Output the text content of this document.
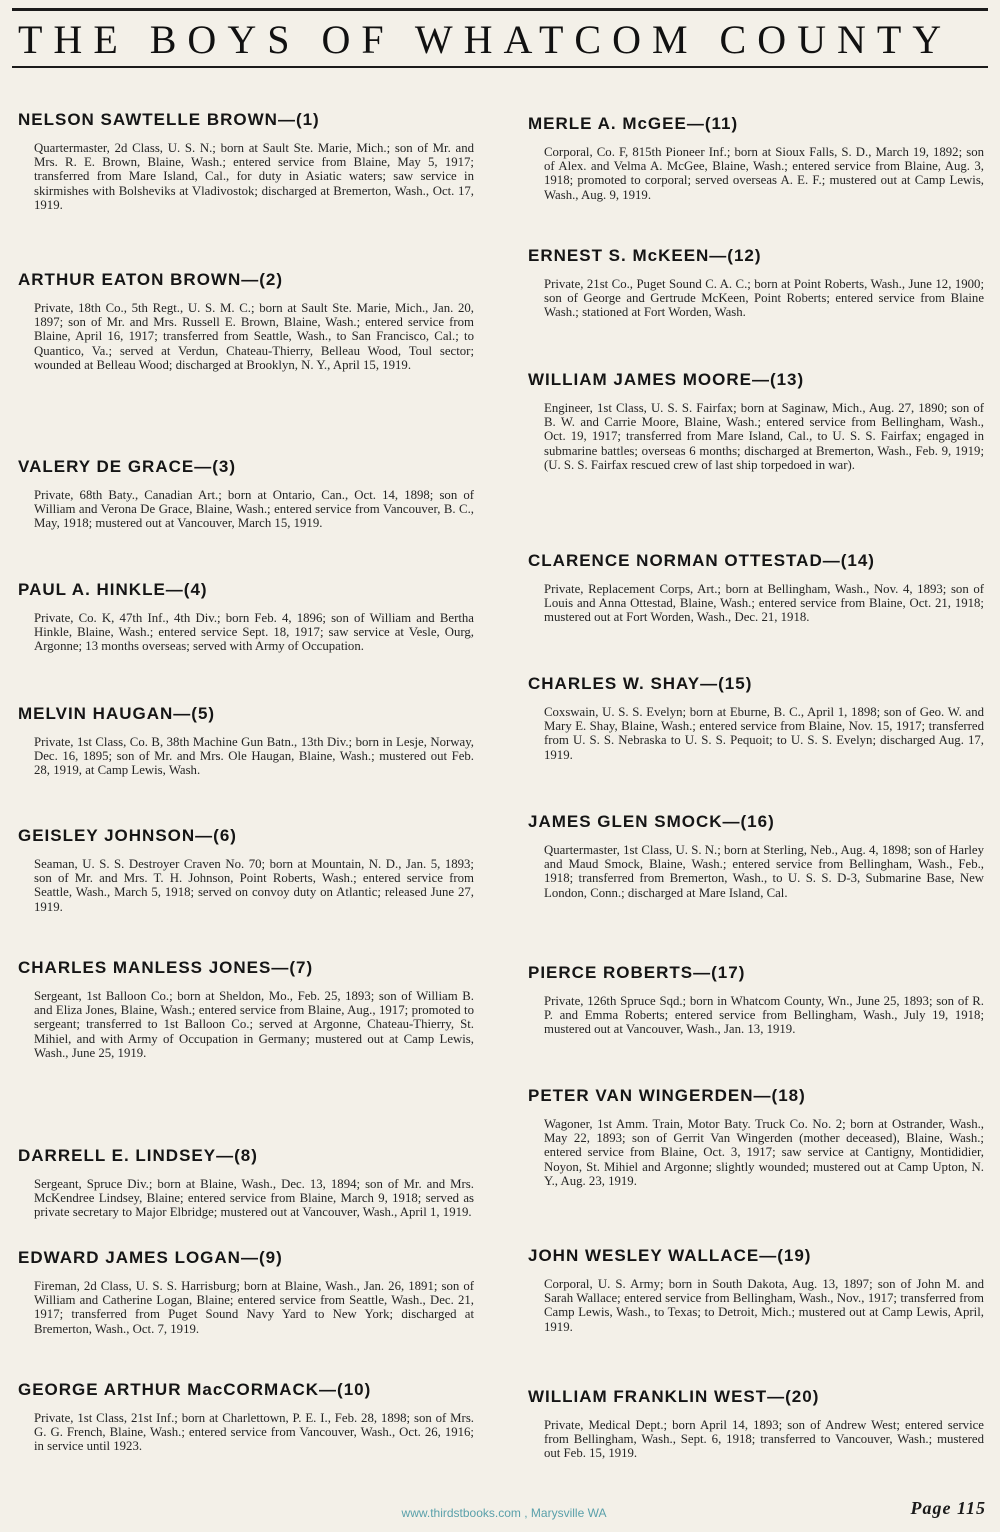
THE BOYS OF WHATCOM COUNTY
NELSON SAWTELLE BROWN—(1)
Quartermaster, 2d Class, U. S. N.; born at Sault Ste. Marie, Mich.; son of Mr. and Mrs. R. E. Brown, Blaine, Wash.; entered service from Blaine, May 5, 1917; transferred from Mare Island, Cal., for duty in Asiatic waters; saw service in skirmishes with Bolsheviks at Vladivostok; discharged at Bremerton, Wash., Oct. 17, 1919.
ARTHUR EATON BROWN—(2)
Private, 18th Co., 5th Regt., U. S. M. C.; born at Sault Ste. Marie, Mich., Jan. 20, 1897; son of Mr. and Mrs. Russell E. Brown, Blaine, Wash.; entered service from Blaine, April 16, 1917; transferred from Seattle, Wash., to San Francisco, Cal.; to Quantico, Va.; served at Verdun, Chateau-Thierry, Belleau Wood, Toul sector; wounded at Belleau Wood; discharged at Brooklyn, N. Y., April 15, 1919.
VALERY DE GRACE—(3)
Private, 68th Baty., Canadian Art.; born at Ontario, Can., Oct. 14, 1898; son of William and Verona De Grace, Blaine, Wash.; entered service from Vancouver, B. C., May, 1918; mustered out at Vancouver, March 15, 1919.
PAUL A. HINKLE—(4)
Private, Co. K, 47th Inf., 4th Div.; born Feb. 4, 1896; son of William and Bertha Hinkle, Blaine, Wash.; entered service Sept. 18, 1917; saw service at Vesle, Ourg, Argonne; 13 months overseas; served with Army of Occupation.
MELVIN HAUGAN—(5)
Private, 1st Class, Co. B, 38th Machine Gun Batn., 13th Div.; born in Lesje, Norway, Dec. 16, 1895; son of Mr. and Mrs. Ole Haugan, Blaine, Wash.; mustered out Feb. 28, 1919, at Camp Lewis, Wash.
GEISLEY JOHNSON—(6)
Seaman, U. S. S. Destroyer Craven No. 70; born at Mountain, N. D., Jan. 5, 1893; son of Mr. and Mrs. T. H. Johnson, Point Roberts, Wash.; entered service from Seattle, Wash., March 5, 1918; served on convoy duty on Atlantic; released June 27, 1919.
CHARLES MANLESS JONES—(7)
Sergeant, 1st Balloon Co.; born at Sheldon, Mo., Feb. 25, 1893; son of William B. and Eliza Jones, Blaine, Wash.; entered service from Blaine, Aug., 1917; promoted to sergeant; transferred to 1st Balloon Co.; served at Argonne, Chateau-Thierry, St. Mihiel, and with Army of Occupation in Germany; mustered out at Camp Lewis, Wash., June 25, 1919.
DARRELL E. LINDSEY—(8)
Sergeant, Spruce Div.; born at Blaine, Wash., Dec. 13, 1894; son of Mr. and Mrs. McKendree Lindsey, Blaine; entered service from Blaine, March 9, 1918; served as private secretary to Major Elbridge; mustered out at Vancouver, Wash., April 1, 1919.
EDWARD JAMES LOGAN—(9)
Fireman, 2d Class, U. S. S. Harrisburg; born at Blaine, Wash., Jan. 26, 1891; son of William and Catherine Logan, Blaine; entered service from Seattle, Wash., Dec. 21, 1917; transferred from Puget Sound Navy Yard to New York; discharged at Bremerton, Wash., Oct. 7, 1919.
GEORGE ARTHUR MacCORMACK—(10)
Private, 1st Class, 21st Inf.; born at Charlettown, P. E. I., Feb. 28, 1898; son of Mrs. G. G. French, Blaine, Wash.; entered service from Vancouver, Wash., Oct. 26, 1916; in service until 1923.
MERLE A. McGEE—(11)
Corporal, Co. F, 815th Pioneer Inf.; born at Sioux Falls, S. D., March 19, 1892; son of Alex. and Velma A. McGee, Blaine, Wash.; entered service from Blaine, Aug. 3, 1918; promoted to corporal; served overseas A. E. F.; mustered out at Camp Lewis, Wash., Aug. 9, 1919.
ERNEST S. McKEEN—(12)
Private, 21st Co., Puget Sound C. A. C.; born at Point Roberts, Wash., June 12, 1900; son of George and Gertrude McKeen, Point Roberts; entered service from Blaine Wash.; stationed at Fort Worden, Wash.
WILLIAM JAMES MOORE—(13)
Engineer, 1st Class, U. S. S. Fairfax; born at Saginaw, Mich., Aug. 27, 1890; son of B. W. and Carrie Moore, Blaine, Wash.; entered service from Bellingham, Wash., Oct. 19, 1917; transferred from Mare Island, Cal., to U. S. S. Fairfax; engaged in submarine battles; overseas 6 months; discharged at Bremerton, Wash., Feb. 9, 1919; (U. S. S. Fairfax rescued crew of last ship torpedoed in war).
CLARENCE NORMAN OTTESTAD—(14)
Private, Replacement Corps, Art.; born at Bellingham, Wash., Nov. 4, 1893; son of Louis and Anna Ottestad, Blaine, Wash.; entered service from Blaine, Oct. 21, 1918; mustered out at Fort Worden, Wash., Dec. 21, 1918.
CHARLES W. SHAY—(15)
Coxswain, U. S. S. Evelyn; born at Eburne, B. C., April 1, 1898; son of Geo. W. and Mary E. Shay, Blaine, Wash.; entered service from Blaine, Nov. 15, 1917; transferred from U. S. S. Nebraska to U. S. S. Pequoit; to U. S. S. Evelyn; discharged Aug. 17, 1919.
JAMES GLEN SMOCK—(16)
Quartermaster, 1st Class, U. S. N.; born at Sterling, Neb., Aug. 4, 1898; son of Harley and Maud Smock, Blaine, Wash.; entered service from Bellingham, Wash., Feb., 1918; transferred from Bremerton, Wash., to U. S. S. D-3, Submarine Base, New London, Conn.; discharged at Mare Island, Cal.
PIERCE ROBERTS—(17)
Private, 126th Spruce Sqd.; born in Whatcom County, Wn., June 25, 1893; son of R. P. and Emma Roberts; entered service from Bellingham, Wash., July 19, 1918; mustered out at Vancouver, Wash., Jan. 13, 1919.
PETER VAN WINGERDEN—(18)
Wagoner, 1st Amm. Train, Motor Baty. Truck Co. No. 2; born at Ostrander, Wash., May 22, 1893; son of Gerrit Van Wingerden (mother deceased), Blaine, Wash.; entered service from Blaine, Oct. 3, 1917; saw service at Cantigny, Montididier, Noyon, St. Mihiel and Argonne; slightly wounded; mustered out at Camp Upton, N. Y., Aug. 23, 1919.
JOHN WESLEY WALLACE—(19)
Corporal, U. S. Army; born in South Dakota, Aug. 13, 1897; son of John M. and Sarah Wallace; entered service from Bellingham, Wash., Nov., 1917; transferred from Camp Lewis, Wash., to Texas; to Detroit, Mich.; mustered out at Camp Lewis, April, 1919.
WILLIAM FRANKLIN WEST—(20)
Private, Medical Dept.; born April 14, 1893; son of Andrew West; entered service from Bellingham, Wash., Sept. 6, 1918; transferred to Vancouver, Wash.; mustered out Feb. 15, 1919.
www.thirdstbooks.com , Marysville WA	Page 115
